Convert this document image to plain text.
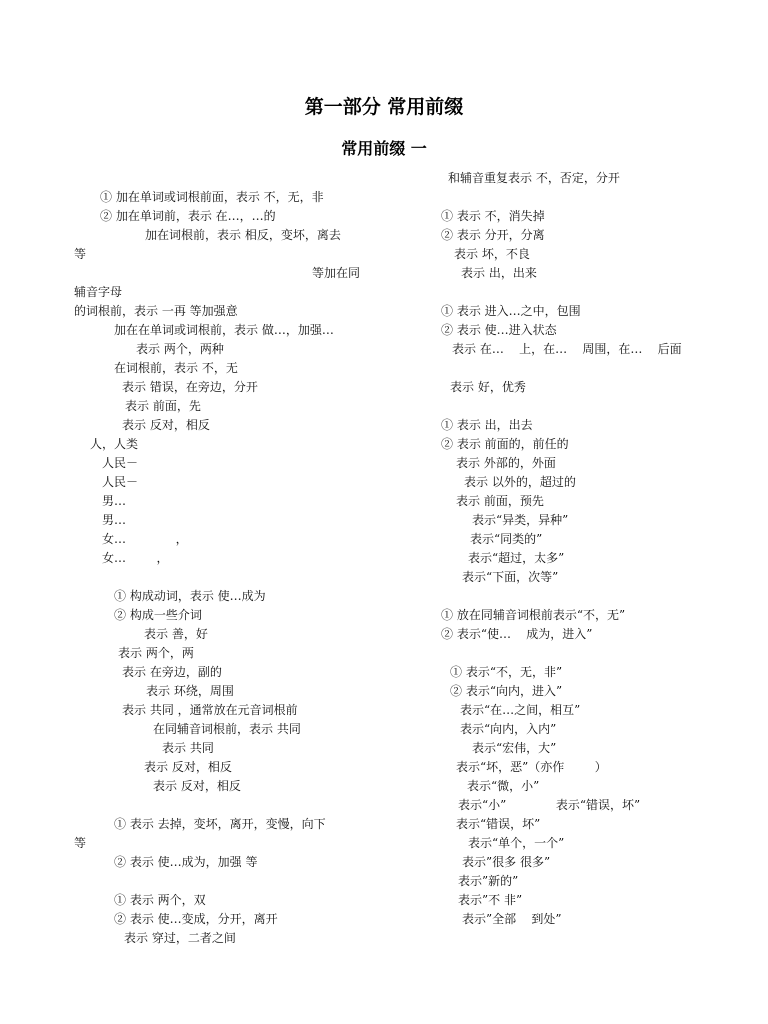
第一部分 常用前缀
常用前缀 一
① 加在单词或词根前面，表示 不，无，非
② 加在单词前，表示 在…，…的
加在词根前，表示 相反，变坏，离去
等
等加在同
辅音字母
的词根前，表示 一再 等加强意
加在在单词或词根前，表示 做…，加强…
表示 两个，两种
在词根前，表示 不，无
表示 错误，在旁边，分开
表示 前面，先
表示 反对，相反
人，人类
人民－
人民－
男…
男…
女…             ，
女…        ，
① 构成动词，表示 使…成为
② 构成一些介词
表示 善，好
表示 两个，两
表示 在旁边，副的
表示 环绕，周围
表示 共同 ，通常放在元音词根前
在同辅音词根前，表示 共同
表示 共同
表示 反对，相反
表示 反对，相反
① 表示 去掉，变坏，离开，变慢，向下
等
② 表示 使…成为，加强 等
① 表示 两个，双
② 表示 使…变成，分开，离开
表示 穿过，二者之间
和辅音重复表示 不，否定，分开
① 表示 不，消失掉
② 表示 分开，分离
表示 坏，不良
表示 出，出来
① 表示 进入…之中，包围
② 表示 使…进入状态
表示 在…    上，在…    周围，在…    后面
表示 好，优秀
① 表示 出，出去
② 表示 前面的，前任的
表示 外部的，外面
表示 以外的，超过的
表示 前面，预先
表示“异类，异种”
表示“同类的”
表示“超过，太多”
表示“下面，次等”
① 放在同辅音词根前表示“不，无”
② 表示“使…    成为，进入”
① 表示“不，无，非”
② 表示“向内，进入”
表示“在…之间，相互”
表示“向内，入内”
表示“宏伟，大”
表示“坏，恶”（亦作        ）
表示“微，小”
表示“小”             表示“错误，坏”
表示“错误，坏”
表示“单个，一个”
表示”很多 很多”
表示”新的”
表示”不 非”
表示”全部    到处”
